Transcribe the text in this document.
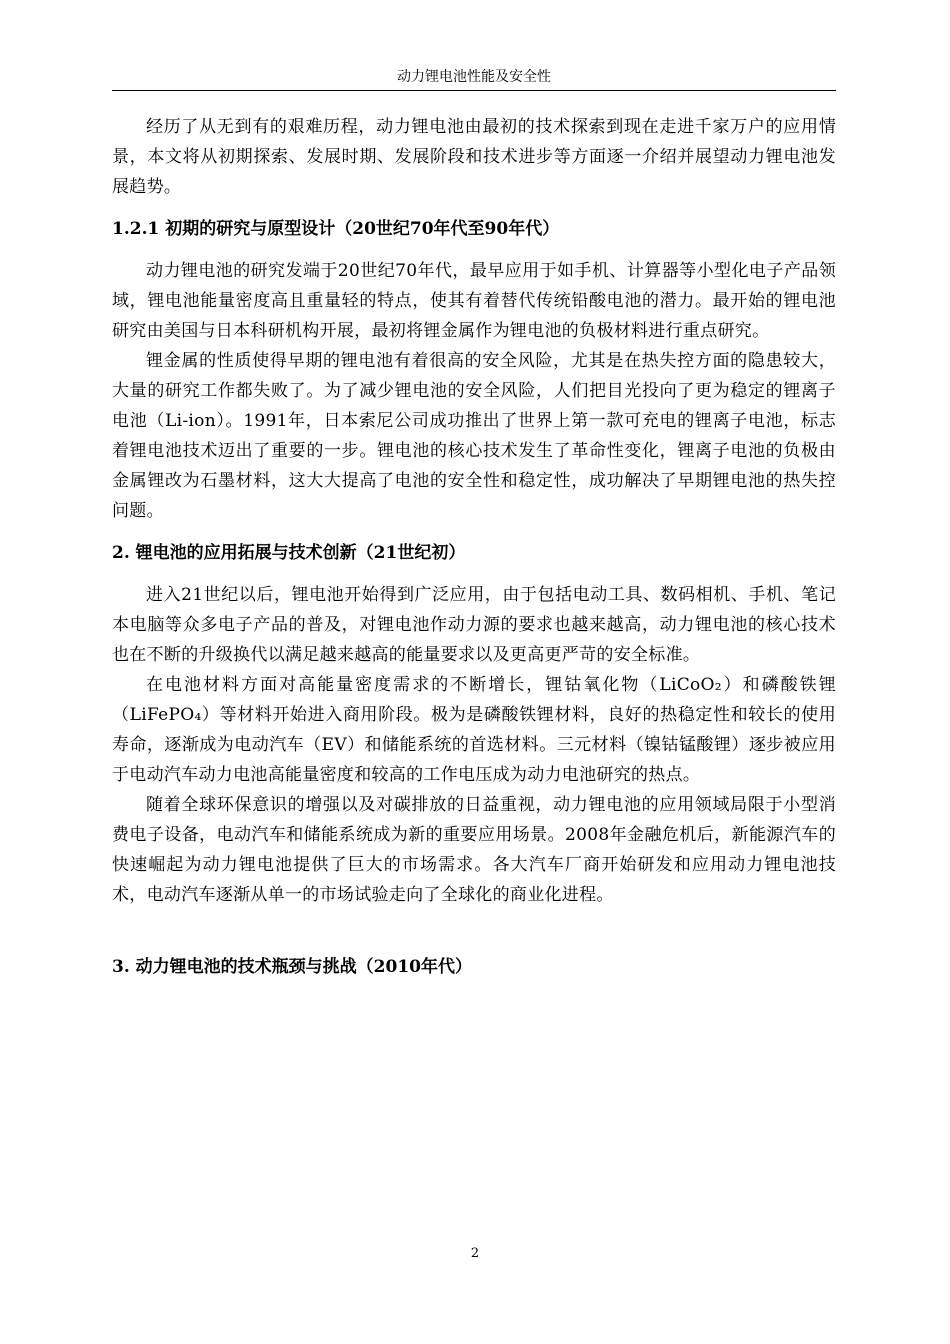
动力锂电池性能及安全性

经历了从无到有的艰难历程，动力锂电池由最初的技术探索到现在走进千家万户的应用情景，本文将从初期探索、发展时期、发展阶段和技术进步等方面逐一介绍并展望动力锂电池发展趋势。

1.2.1 初期的研究与原型设计（20世纪70年代至90年代）

动力锂电池的研究发端于20世纪70年代，最早应用于如手机、计算器等小型化电子产品领域，锂电池能量密度高且重量轻的特点，使其有着替代传统铅酸电池的潜力。最开始的锂电池研究由美国与日本科研机构开展，最初将锂金属作为锂电池的负极材料进行重点研究。

锂金属的性质使得早期的锂电池有着很高的安全风险，尤其是在热失控方面的隐患较大，大量的研究工作都失败了。为了减少锂电池的安全风险，人们把目光投向了更为稳定的锂离子电池（Li-ion）。1991年，日本索尼公司成功推出了世界上第一款可充电的锂离子电池，标志着锂电池技术迈出了重要的一步。锂电池的核心技术发生了革命性变化，锂离子电池的负极由金属锂改为石墨材料，这大大提高了电池的安全性和稳定性，成功解决了早期锂电池的热失控问题。

2. 锂电池的应用拓展与技术创新（21世纪初）

进入21世纪以后，锂电池开始得到广泛应用，由于包括电动工具、数码相机、手机、笔记本电脑等众多电子产品的普及，对锂电池作动力源的要求也越来越高，动力锂电池的核心技术也在不断的升级换代以满足越来越高的能量要求以及更高更严苛的安全标准。

在电池材料方面对高能量密度需求的不断增长，锂钴氧化物（LiCoO₂）和磷酸铁锂（LiFePO₄）等材料开始进入商用阶段。极为是磷酸铁锂材料，良好的热稳定性和较长的使用寿命，逐渐成为电动汽车（EV）和储能系统的首选材料。三元材料（镍钴锰酸锂）逐步被应用于电动汽车动力电池高能量密度和较高的工作电压成为动力电池研究的热点。

随着全球环保意识的增强以及对碳排放的日益重视，动力锂电池的应用领域局限于小型消费电子设备，电动汽车和储能系统成为新的重要应用场景。2008年金融危机后，新能源汽车的快速崛起为动力锂电池提供了巨大的市场需求。各大汽车厂商开始研发和应用动力锂电池技术，电动汽车逐渐从单一的市场试验走向了全球化的商业化进程。

3. 动力锂电池的技术瓶颈与挑战（2010年代）
2
